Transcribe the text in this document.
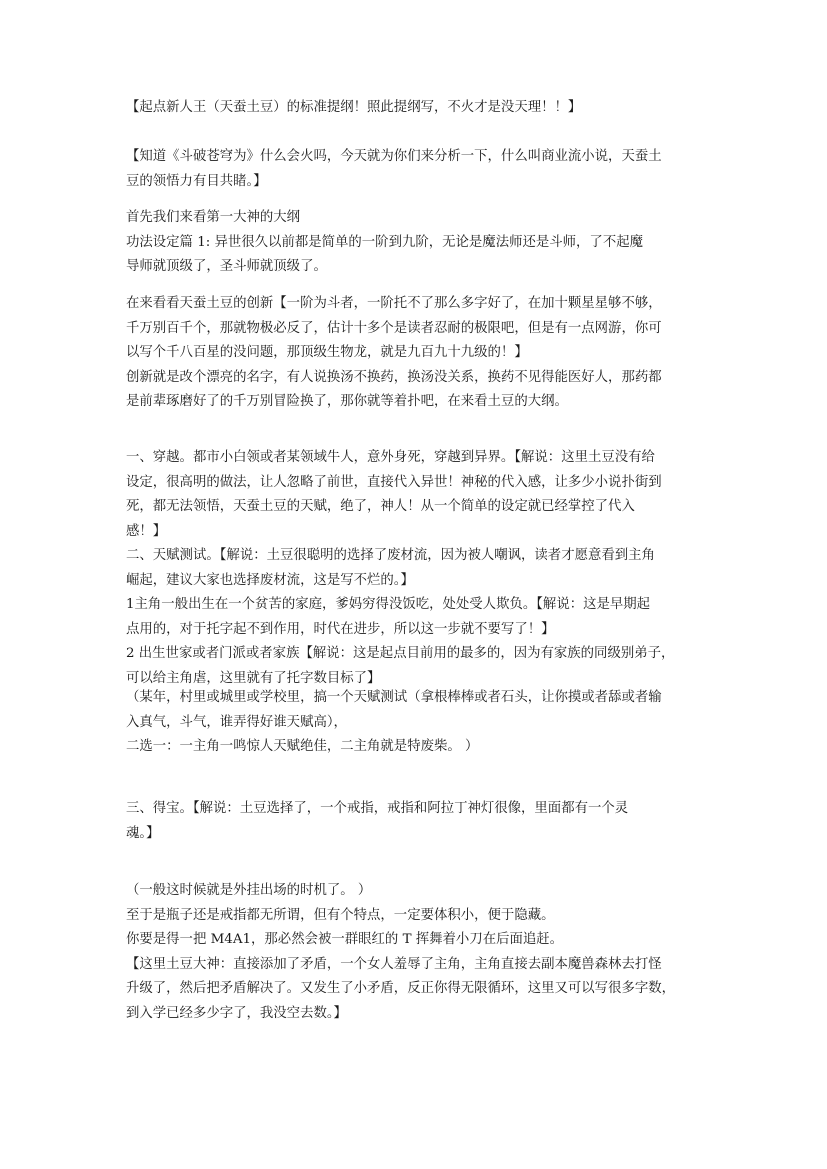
【起点新人王（天蚕土豆）的标准提纲！照此提纲写，不火才是没天理！！】

【知道《斗破苍穹为》什么会火吗，今天就为你们来分析一下，什么叫商业流小说，天蚕土
豆的领悟力有目共睹。】

首先我们来看第一大神的大纲
功法设定篇 1: 异世很久以前都是简单的一阶到九阶，无论是魔法师还是斗师，了不起魔
导师就顶级了，圣斗师就顶级了。

在来看看天蚕土豆的创新【一阶为斗者，一阶托不了那么多字好了，在加十颗星星够不够，
千万别百千个，那就物极必反了，估计十多个是读者忍耐的极限吧，但是有一点网游，你可
以写个千八百星的没问题，那顶级生物龙，就是九百九十九级的！】
创新就是改个漂亮的名字，有人说换汤不换药，换汤没关系，换药不见得能医好人，那药都
是前辈琢磨好了的千万别冒险换了，那你就等着扑吧，在来看土豆的大纲。

一、穿越。都市小白领或者某领域牛人，意外身死，穿越到异界。【解说：这里土豆没有给
设定，很高明的做法，让人忽略了前世，直接代入异世！神秘的代入感，让多少小说扑街到
死，都无法领悟，天蚕土豆的天赋，绝了，神人！从一个简单的设定就已经掌控了代入
感！】
二、天赋测试。【解说：土豆很聪明的选择了废材流，因为被人嘲讽，读者才愿意看到主角
崛起，建议大家也选择废材流，这是写不烂的。】
1主角一般出生在一个贫苦的家庭，爹妈穷得没饭吃，处处受人欺负。【解说：这是早期起
点用的，对于托字起不到作用，时代在进步，所以这一步就不要写了！】
2 出生世家或者门派或者家族【解说：这是起点目前用的最多的，因为有家族的同级别弟子，
可以给主角虐，这里就有了托字数目标了】

（某年，村里或城里或学校里，搞一个天赋测试（拿根棒棒或者石头，让你摸或者舔或者输
入真气，斗气，谁弄得好谁天赋高），
二选一：一主角一鸣惊人天赋绝佳，二主角就是特废柴。 ）

三、得宝。【解说：土豆选择了，一个戒指，戒指和阿拉丁神灯很像，里面都有一个灵
魂。】

（一般这时候就是外挂出场的时机了。 ）
至于是瓶子还是戒指都无所谓，但有个特点，一定要体积小，便于隐藏。
你要是得一把 M4A1，那必然会被一群眼红的 T 挥舞着小刀在后面追赶。
【这里土豆大神：直接添加了矛盾，一个女人羞辱了主角，主角直接去副本魔兽森林去打怪
升级了，然后把矛盾解决了。又发生了小矛盾，反正你得无限循环，这里又可以写很多字数，
到入学已经多少字了，我没空去数。】
